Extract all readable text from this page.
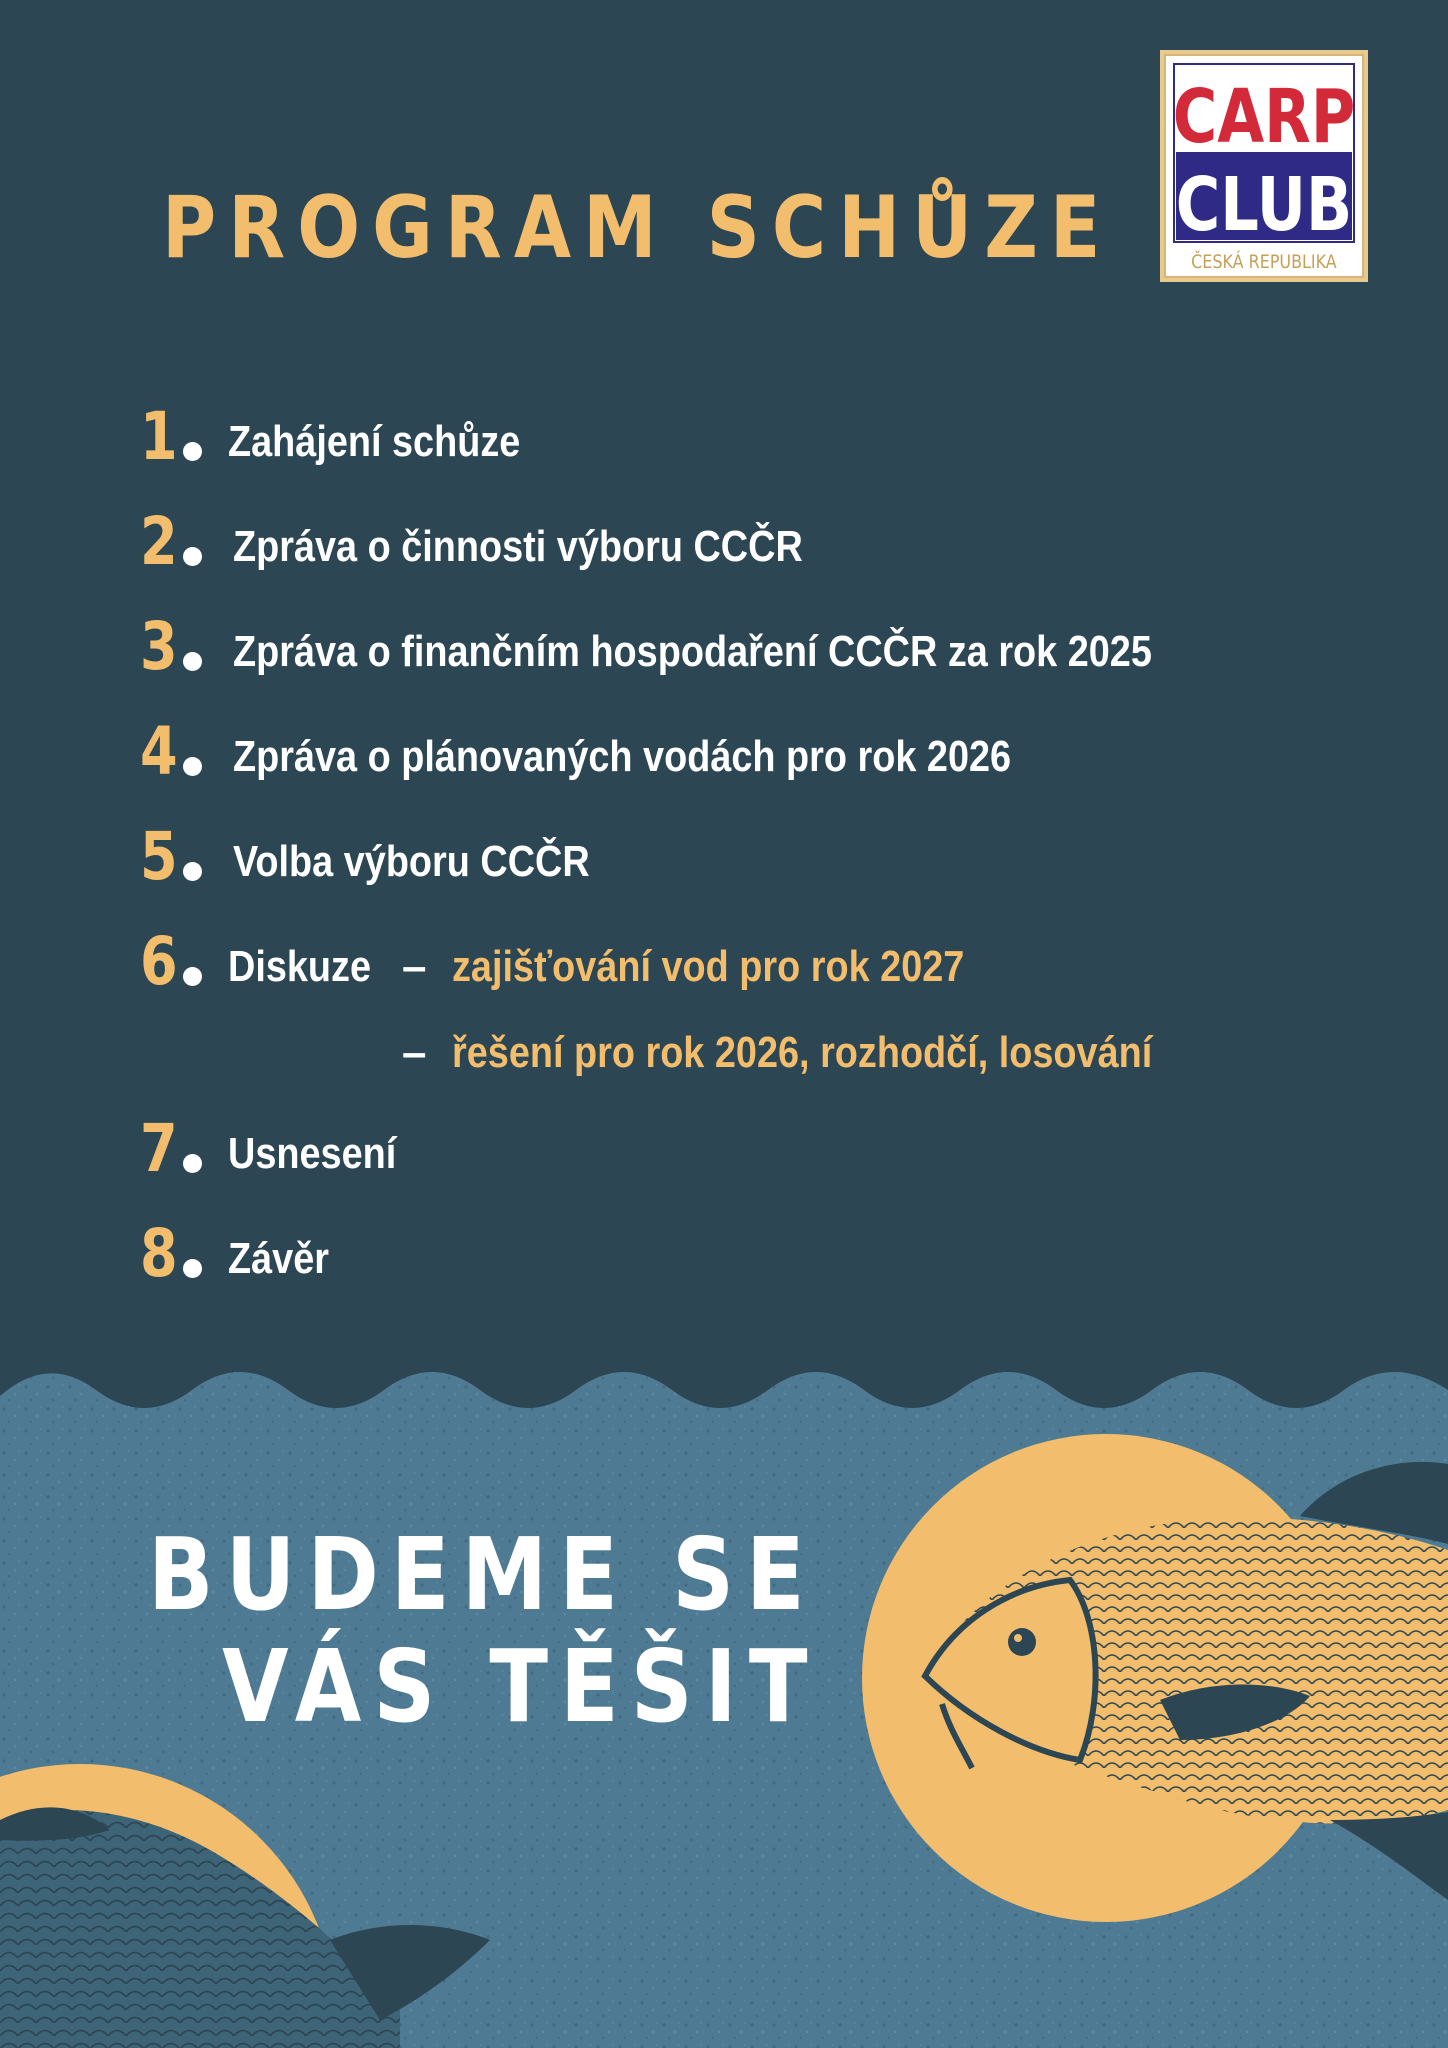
PROGRAM SCHŮZE
CARP
CLUB
ČESKÁ REPUBLIKA
1 Zahájení schůze
2 Zpráva o činnosti výboru CCČR
3 Zpráva o finančním hospodaření CCČR za rok 2025
4 Zpráva o plánovaných vodách pro rok 2026
5 Volba výboru CCČR
6 Diskuze – zajišťování vod pro rok 2027
– řešení pro rok 2026, rozhodčí, losování
7 Usnesení
8 Závěr
BUDEME SE
VÁS TĚŠIT
